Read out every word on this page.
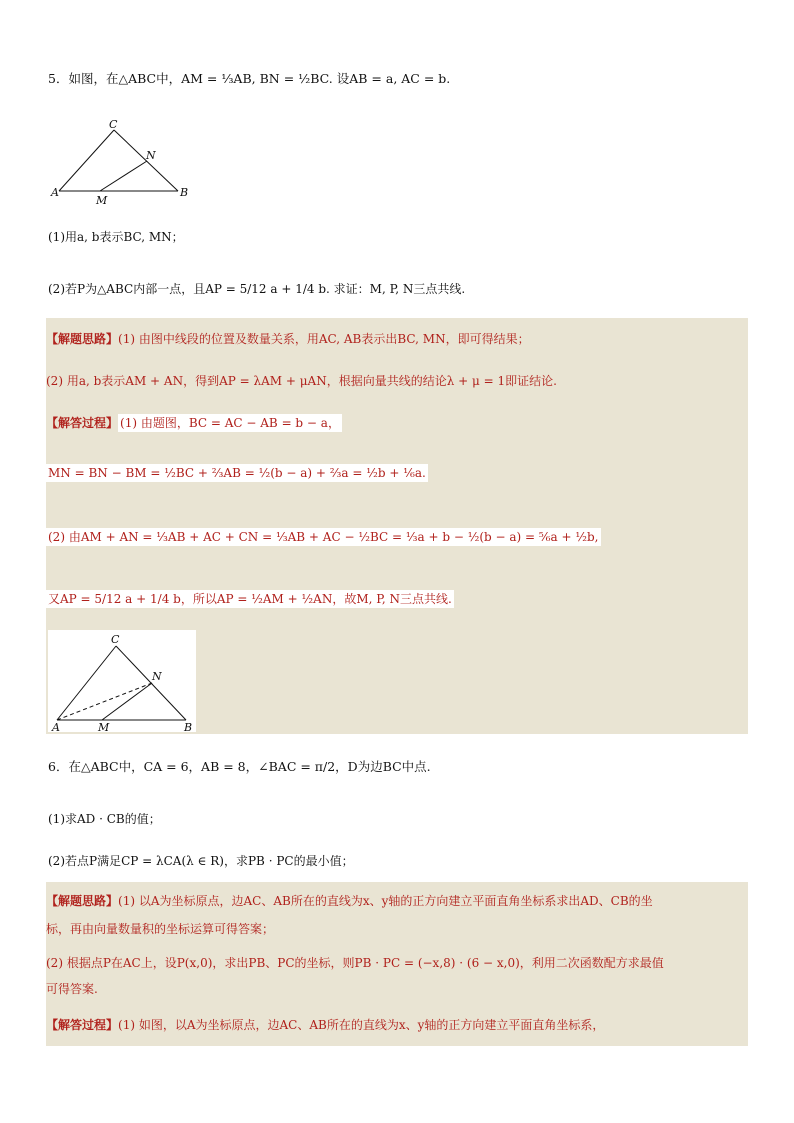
5．如图，在△ABC中，AM = ⅓AB, BN = ½BC. 设AB = a, AC = b.
C
N
A
M
B
(1)用a, b表示BC, MN；
(2)若P为△ABC内部一点，且AP = 5/12 a + 1/4 b. 求证：M, P, N三点共线.
【解题思路】(1) 由图中线段的位置及数量关系，用AC, AB表示出BC, MN，即可得结果；
(2) 用a, b表示AM + AN，得到AP = λAM + μAN，根据向量共线的结论λ + μ = 1即证结论.
【解答过程】 (1) 由题图，BC = AC − AB = b − a，
MN = BN − BM = ½BC + ⅔AB = ½(b − a) + ⅔a = ½b + ⅙a.
(2) 由AM + AN = ⅓AB + AC + CN = ⅓AB + AC − ½BC = ⅓a + b − ½(b − a) = ⅚a + ½b,
又AP = 5/12 a + 1/4 b，所以AP = ½AM + ½AN，故M, P, N三点共线.
C
N
A	M	B
6．在△ABC中，CA = 6，AB = 8，∠BAC = π/2，D为边BC中点.
(1)求AD · CB的值；
(2)若点P满足CP = λCA(λ ∈ R)，求PB · PC的最小值；
【解题思路】(1) 以A为坐标原点，边AC、AB所在的直线为x、y轴的正方向建立平面直角坐标系求出AD、CB的坐
标，再由向量数量积的坐标运算可得答案；
(2) 根据点P在AC上，设P(x,0)，求出PB、PC的坐标，则PB · PC = (−x,8) · (6 − x,0)，利用二次函数配方求最值
可得答案.
【解答过程】(1) 如图，以A为坐标原点，边AC、AB所在的直线为x、y轴的正方向建立平面直角坐标系，
